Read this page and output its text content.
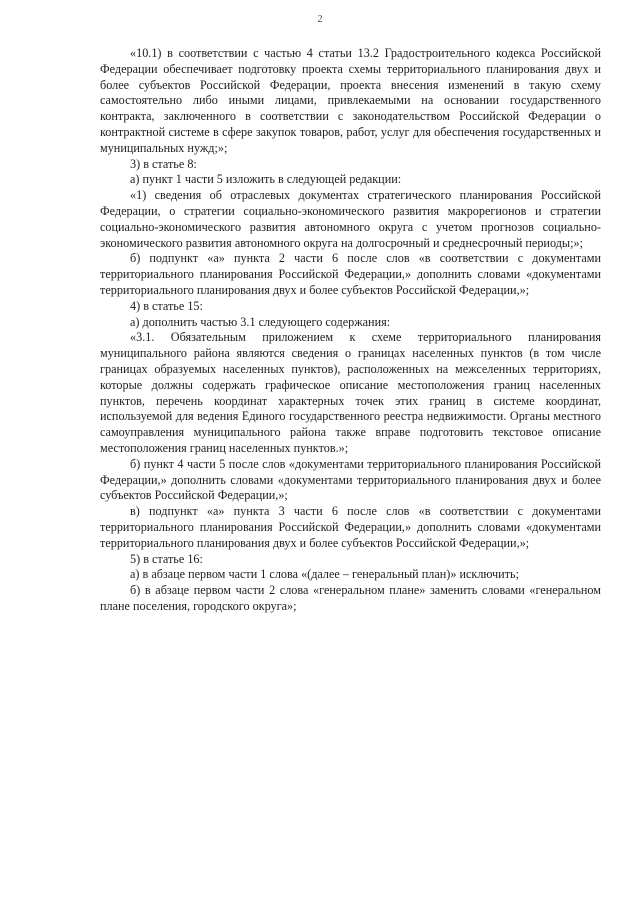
2

«10.1) в соответствии с частью 4 статьи 13.2 Градостроительного кодекса Российской Федерации обеспечивает подготовку проекта схемы территориального планирования двух и более субъектов Российской Федерации, проекта внесения изменений в такую схему самостоятельно либо иными лицами, привлекаемыми на основании государственного контракта, заключенного в соответствии с законодательством Российской Федерации о контрактной системе в сфере закупок товаров, работ, услуг для обеспечения государственных и муниципальных нужд;»;

3) в статье 8:

а) пункт 1 части 5 изложить в следующей редакции:

«1) сведения об отраслевых документах стратегического планирования Российской Федерации, о стратегии социально-экономического развития макрорегионов и стратегии социально-экономического развития автономного округа с учетом прогнозов социально-экономического развития автономного округа на долгосрочный и среднесрочный периоды;»;

б) подпункт «а» пункта 2 части 6 после слов «в соответствии с документами территориального планирования Российской Федерации,» дополнить словами «документами территориального планирования двух и более субъектов Российской Федерации,»;

4) в статье 15:

а) дополнить частью 3.1 следующего содержания:

«3.1. Обязательным приложением к схеме территориального планирования муниципального района являются сведения о границах населенных пунктов (в том числе границах образуемых населенных пунктов), расположенных на межселенных территориях, которые должны содержать графическое описание местоположения границ населенных пунктов, перечень координат характерных точек этих границ в системе координат, используемой для ведения Единого государственного реестра недвижимости. Органы местного самоуправления муниципального района также вправе подготовить текстовое описание местоположения границ населенных пунктов.»;

б) пункт 4 части 5 после слов «документами территориального планирования Российской Федерации,» дополнить словами «документами территориального планирования двух и более субъектов Российской Федерации,»;

в) подпункт «а» пункта 3 части 6 после слов «в соответствии с документами территориального планирования Российской Федерации,» дополнить словами «документами территориального планирования двух и более субъектов Российской Федерации,»;

5) в статье 16:

а) в абзаце первом части 1 слова «(далее – генеральный план)» исключить;

б) в абзаце первом части 2 слова «генеральном плане» заменить словами «генеральном плане поселения, городского округа»;
